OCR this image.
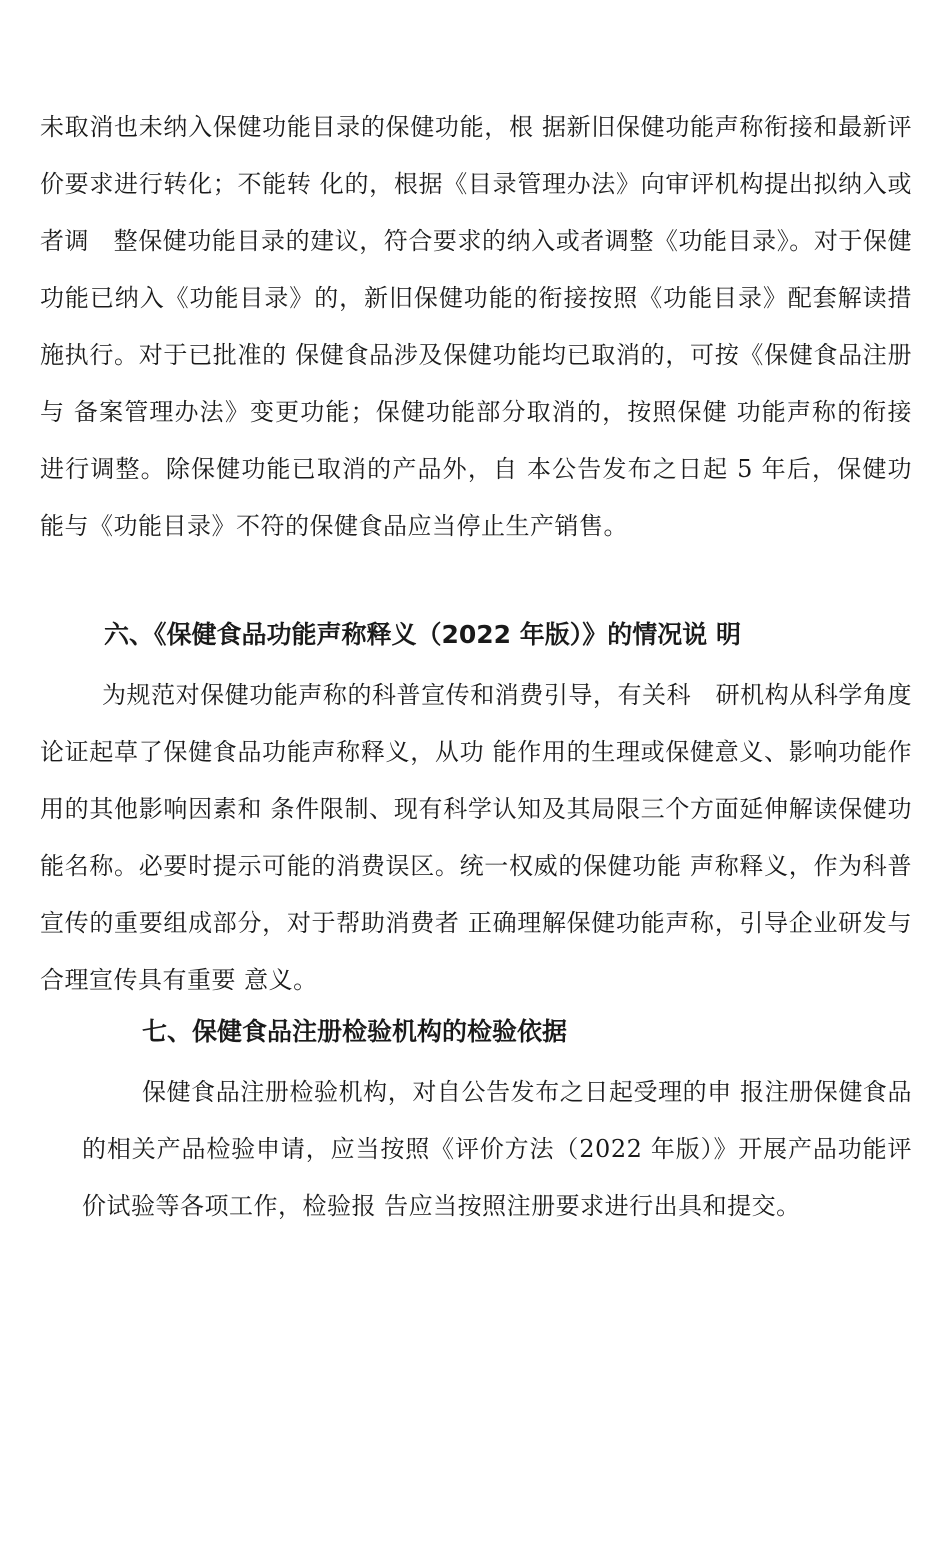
未取消也未纳入保健功能目录的保健功能，根 据新旧保健功能声称衔接和最新评价要求进行转化；不能转 化的，根据《目录管理办法》向审评机构提出拟纳入或者调　整保健功能目录的建议，符合要求的纳入或者调整《功能目录》。对于保健功能已纳入《功能目录》的，新旧保健功能的衔接按照《功能目录》配套解读措施执行。对于已批准的 保健食品涉及保健功能均已取消的，可按《保健食品注册与 备案管理办法》变更功能；保健功能部分取消的，按照保健 功能声称的衔接进行调整。除保健功能已取消的产品外，自 本公告发布之日起 5 年后，保健功能与《功能目录》不符的保健食品应当停止生产销售。

六、《保健食品功能声称释义（2022 年版）》的情况说 明

为规范对保健功能声称的科普宣传和消费引导，有关科　研机构从科学角度论证起草了保健食品功能声称释义，从功 能作用的生理或保健意义、影响功能作用的其他影响因素和 条件限制、现有科学认知及其局限三个方面延伸解读保健功 能名称。必要时提示可能的消费误区。统一权威的保健功能 声称释义，作为科普宣传的重要组成部分，对于帮助消费者 正确理解保健功能声称，引导企业研发与合理宣传具有重要 意义。

七、保健食品注册检验机构的检验依据

保健食品注册检验机构，对自公告发布之日起受理的申 报注册保健食品的相关产品检验申请，应当按照《评价方法（2022 年版）》开展产品功能评价试验等各项工作，检验报 告应当按照注册要求进行出具和提交。
